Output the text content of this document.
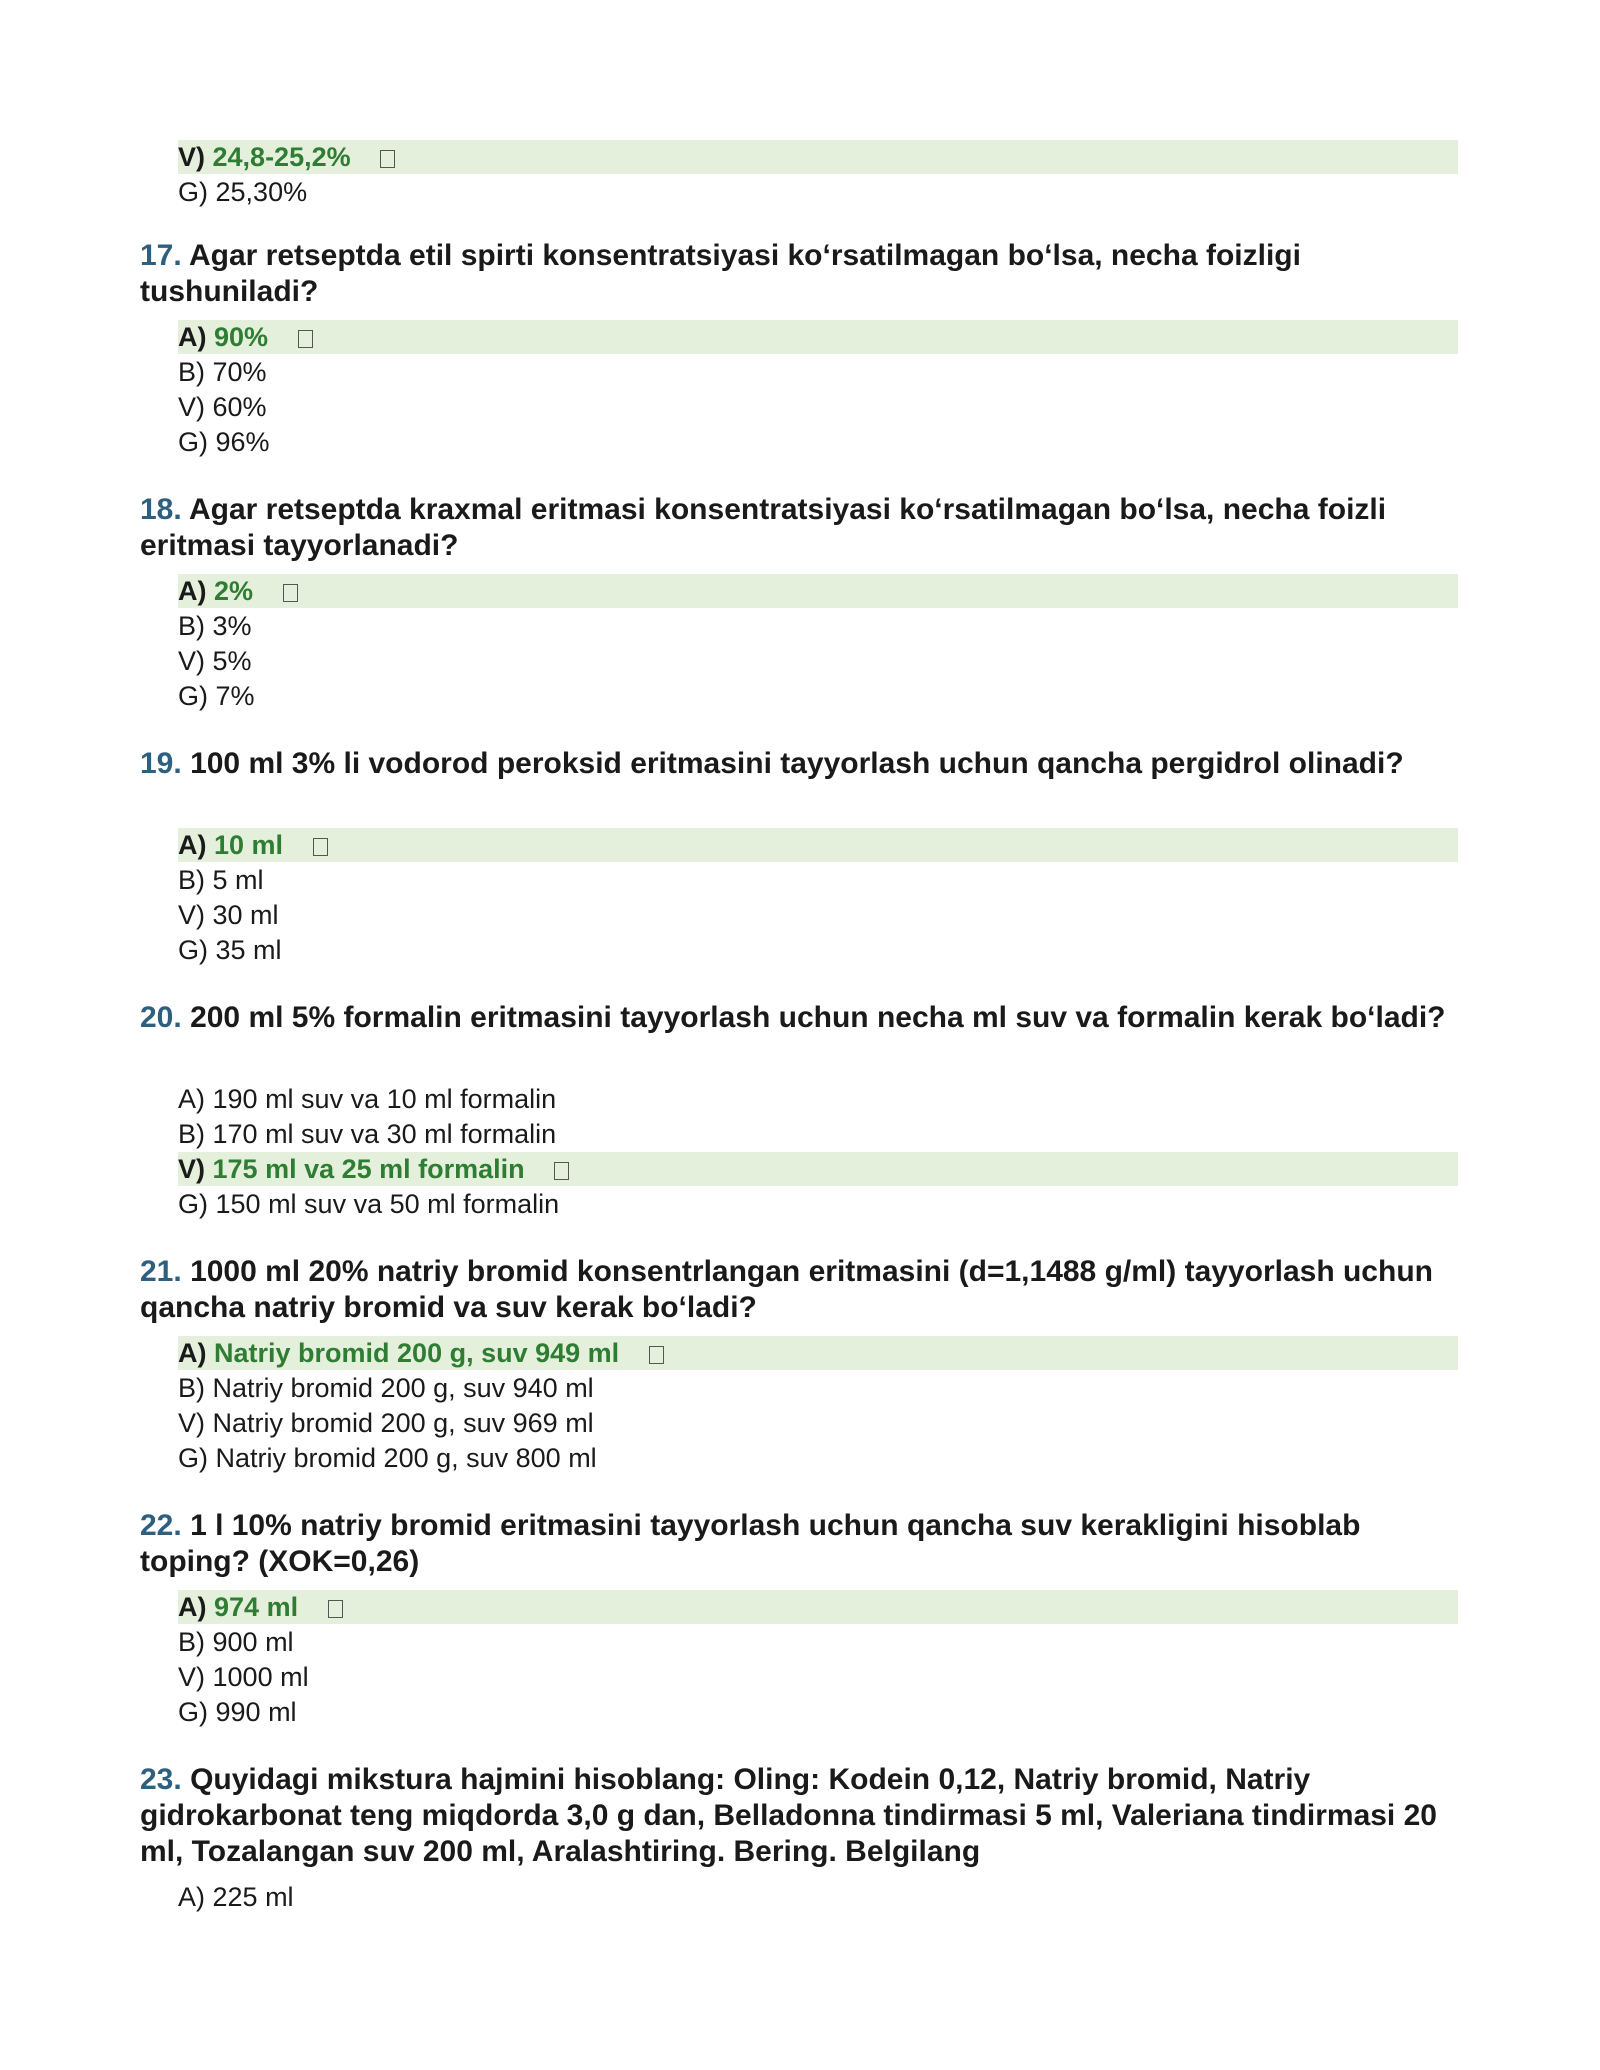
V) 24,8-25,2%
G) 25,30%
17. Agar retseptda etil spirti konsentratsiyasi ko‘rsatilmagan bo‘lsa, necha foizligi tushuniladi?
A) 90%
B) 70%
V) 60%
G) 96%
18. Agar retseptda kraxmal eritmasi konsentratsiyasi ko‘rsatilmagan bo‘lsa, necha foizli eritmasi tayyorlanadi?
A) 2%
B) 3%
V) 5%
G) 7%
19. 100 ml 3% li vodorod peroksid eritmasini tayyorlash uchun qancha pergidrol olinadi?
A) 10 ml
B) 5 ml
V) 30 ml
G) 35 ml
20. 200 ml 5% formalin eritmasini tayyorlash uchun necha ml suv va formalin kerak bo‘ladi?
A) 190 ml suv va 10 ml formalin
B) 170 ml suv va 30 ml formalin
V) 175 ml va 25 ml formalin
G) 150 ml suv va 50 ml formalin
21. 1000 ml 20% natriy bromid konsentrlangan eritmasini (d=1,1488 g/ml) tayyorlash uchun qancha natriy bromid va suv kerak bo‘ladi?
A) Natriy bromid 200 g, suv 949 ml
B) Natriy bromid 200 g, suv 940 ml
V) Natriy bromid 200 g, suv 969 ml
G) Natriy bromid 200 g, suv 800 ml
22. 1 l 10% natriy bromid eritmasini tayyorlash uchun qancha suv kerakligini hisoblab toping? (XOK=0,26)
A) 974 ml
B) 900 ml
V) 1000 ml
G) 990 ml
23. Quyidagi mikstura hajmini hisoblang: Oling: Kodein 0,12, Natriy bromid, Natriy gidrokarbonat teng miqdorda 3,0 g dan, Belladonna tindirmasi 5 ml, Valeriana tindirmasi 20 ml, Tozalangan suv 200 ml, Aralashtiring. Bering. Belgilang
A) 225 ml
